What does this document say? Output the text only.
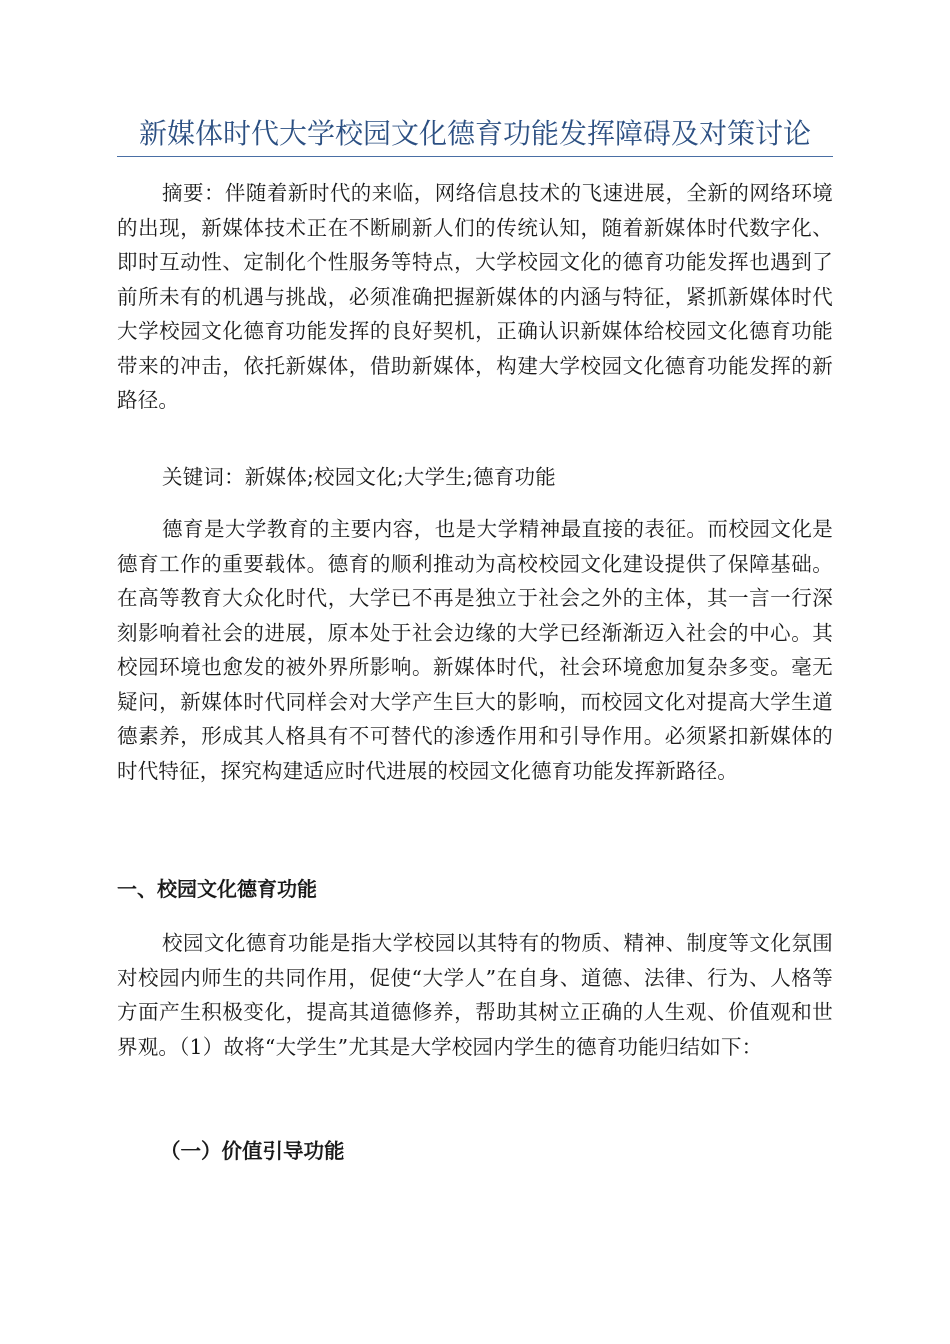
新媒体时代大学校园文化德育功能发挥障碍及对策讨论

摘要：伴随着新时代的来临，网络信息技术的飞速进展，全新的网络环境的出现，新媒体技术正在不断刷新人们的传统认知，随着新媒体时代数字化、即时互动性、定制化个性服务等特点，大学校园文化的德育功能发挥也遇到了前所未有的机遇与挑战，必须准确把握新媒体的内涵与特征，紧抓新媒体时代大学校园文化德育功能发挥的良好契机，正确认识新媒体给校园文化德育功能带来的冲击，依托新媒体，借助新媒体，构建大学校园文化德育功能发挥的新路径。

关键词：新媒体;校园文化;大学生;德育功能

德育是大学教育的主要内容，也是大学精神最直接的表征。而校园文化是德育工作的重要载体。德育的顺利推动为高校校园文化建设提供了保障基础。在高等教育大众化时代，大学已不再是独立于社会之外的主体，其一言一行深刻影响着社会的进展，原本处于社会边缘的大学已经渐渐迈入社会的中心。其校园环境也愈发的被外界所影响。新媒体时代，社会环境愈加复杂多变。毫无疑问，新媒体时代同样会对大学产生巨大的影响，而校园文化对提高大学生道德素养，形成其人格具有不可替代的渗透作用和引导作用。必须紧扣新媒体的时代特征，探究构建适应时代进展的校园文化德育功能发挥新路径。

一、校园文化德育功能

校园文化德育功能是指大学校园以其特有的物质、精神、制度等文化氛围对校园内师生的共同作用，促使“大学人”在自身、道德、法律、行为、人格等方面产生积极变化，提高其道德修养，帮助其树立正确的人生观、价值观和世界观。（1）故将“大学生”尤其是大学校园内学生的德育功能归结如下：

（一）价值引导功能
